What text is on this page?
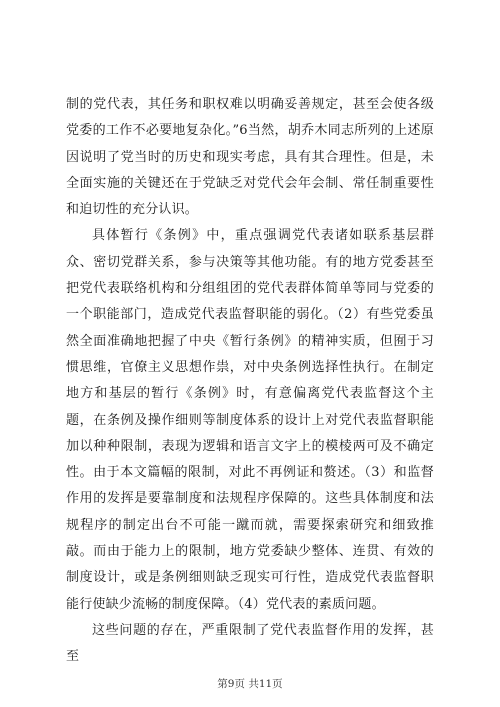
制的党代表，其任务和职权难以明确妥善规定，甚至会使各级党委的工作不必要地复杂化。”6当然，胡乔木同志所列的上述原因说明了党当时的历史和现实考虑，具有其合理性。但是，未全面实施的关键还在于党缺乏对党代会年会制、常任制重要性和迫切性的充分认识。

具体暂行《条例》中，重点强调党代表诸如联系基层群众、密切党群关系，参与决策等其他功能。有的地方党委甚至把党代表联络机构和分组组团的党代表群体简单等同与党委的一个职能部门，造成党代表监督职能的弱化。（2）有些党委虽然全面准确地把握了中央《暂行条例》的精神实质，但囿于习惯思维，官僚主义思想作祟，对中央条例选择性执行。在制定地方和基层的暂行《条例》时，有意偏离党代表监督这个主题，在条例及操作细则等制度体系的设计上对党代表监督职能加以种种限制，表现为逻辑和语言文字上的模棱两可及不确定性。由于本文篇幅的限制，对此不再例证和赘述。（3）和监督作用的发挥是要靠制度和法规程序保障的。这些具体制度和法规程序的制定出台不可能一蹴而就，需要探索研究和细致推敲。而由于能力上的限制，地方党委缺少整体、连贯、有效的制度设计，或是条例细则缺乏现实可行性，造成党代表监督职能行使缺少流畅的制度保障。（4）党代表的素质问题。

这些问题的存在，严重限制了党代表监督作用的发挥，甚至

第9页 共11页
